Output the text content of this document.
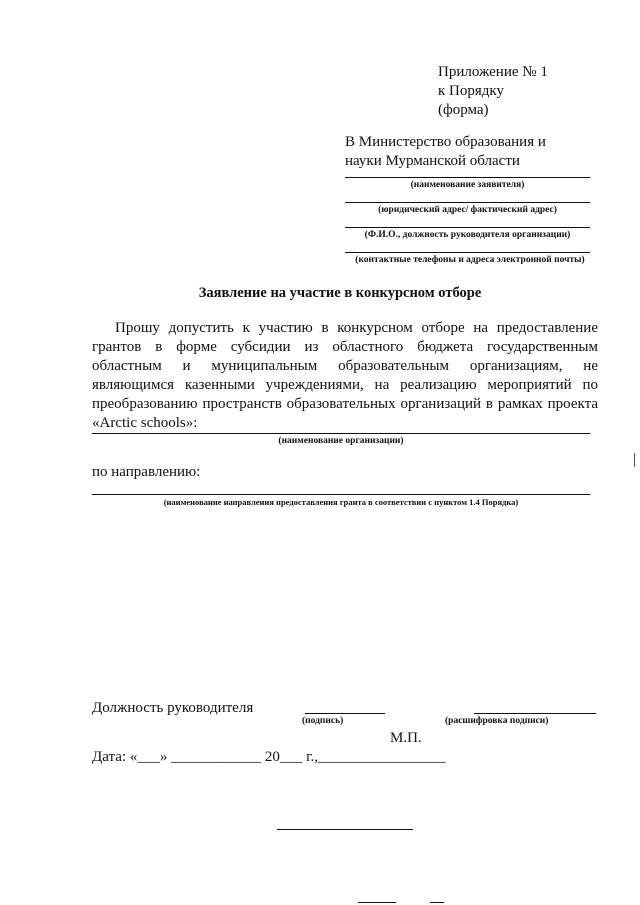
Приложение № 1
к Порядку
(форма)
В Министерство образования и
науки Мурманской области
(наименование заявителя)
(юридический адрес/ фактический адрес)
(Ф.И.О., должность руководителя организации)
(контактные телефоны и адреса электронной почты)
Заявление на участие в конкурсном отборе
Прошу допустить к участию в конкурсном отборе на предоставление грантов в форме субсидии из областного бюджета государственным областным и муниципальным образовательным организациям, не являющимся казенными учреждениями, на реализацию мероприятий по преобразованию пространств образовательных организаций в рамках проекта «Arctic schools»:
(наименование организации)
по направлению:
(наименование направления предоставления гранта в соответствии с пунктом 1.4 Порядка)
Должность руководителя
(подпись)	(расшифровка подписи)
М.П.
Дата: «___» ____________ 20___ г.,_________________
